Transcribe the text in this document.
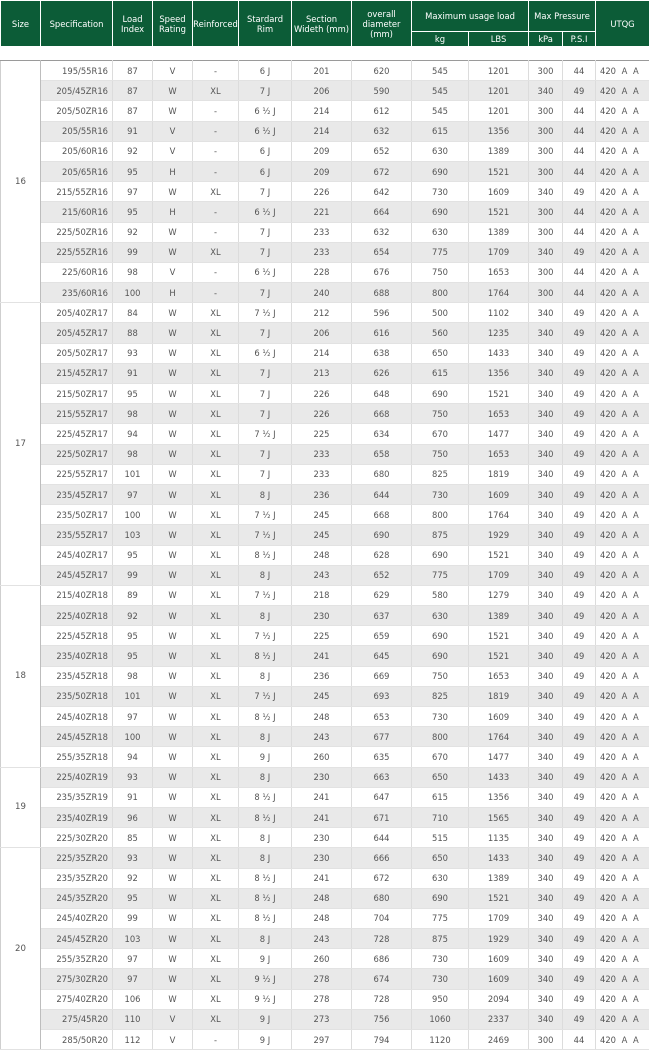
Size	Specification	Load Index	Speed Rating	Reinforced	Stardard Rim	Section Wideth (mm)	overall diameter (mm)	Maximum usage load		Max Pressure		UTQG
								kg	LBS	kPa	P.S.I	

16	195/55R16	87	V	-	6 J	201	620	545	1201	300	44	420 A A
	205/45ZR16	87	W	XL	7 J	206	590	545	1201	340	49	420 A A
	205/50ZR16	87	W	-	6 ½ J	214	612	545	1201	300	44	420 A A
	205/55R16	91	V	-	6 ½ J	214	632	615	1356	300	44	420 A A
	205/60R16	92	V	-	6 J	209	652	630	1389	300	44	420 A A
	205/65R16	95	H	-	6 J	209	672	690	1521	300	44	420 A A
	215/55ZR16	97	W	XL	7 J	226	642	730	1609	340	49	420 A A
	215/60R16	95	H	-	6 ½ J	221	664	690	1521	300	44	420 A A
	225/50ZR16	92	W	-	7 J	233	632	630	1389	300	44	420 A A
	225/55ZR16	99	W	XL	7 J	233	654	775	1709	340	49	420 A A
	225/60R16	98	V	-	6 ½ J	228	676	750	1653	300	44	420 A A
	235/60R16	100	H	-	7 J	240	688	800	1764	300	44	420 A A
17	205/40ZR17	84	W	XL	7 ½ J	212	596	500	1102	340	49	420 A A
	205/45ZR17	88	W	XL	7 J	206	616	560	1235	340	49	420 A A
	205/50ZR17	93	W	XL	6 ½ J	214	638	650	1433	340	49	420 A A
	215/45ZR17	91	W	XL	7 J	213	626	615	1356	340	49	420 A A
	215/50ZR17	95	W	XL	7 J	226	648	690	1521	340	49	420 A A
	215/55ZR17	98	W	XL	7 J	226	668	750	1653	340	49	420 A A
	225/45ZR17	94	W	XL	7 ½ J	225	634	670	1477	340	49	420 A A
	225/50ZR17	98	W	XL	7 J	233	658	750	1653	340	49	420 A A
	225/55ZR17	101	W	XL	7 J	233	680	825	1819	340	49	420 A A
	235/45ZR17	97	W	XL	8 J	236	644	730	1609	340	49	420 A A
	235/50ZR17	100	W	XL	7 ½ J	245	668	800	1764	340	49	420 A A
	235/55ZR17	103	W	XL	7 ½ J	245	690	875	1929	340	49	420 A A
	245/40ZR17	95	W	XL	8 ½ J	248	628	690	1521	340	49	420 A A
	245/45ZR17	99	W	XL	8 J	243	652	775	1709	340	49	420 A A
18	215/40ZR18	89	W	XL	7 ½ J	218	629	580	1279	340	49	420 A A
	225/40ZR18	92	W	XL	8 J	230	637	630	1389	340	49	420 A A
	225/45ZR18	95	W	XL	7 ½ J	225	659	690	1521	340	49	420 A A
	235/40ZR18	95	W	XL	8 ½ J	241	645	690	1521	340	49	420 A A
	235/45ZR18	98	W	XL	8 J	236	669	750	1653	340	49	420 A A
	235/50ZR18	101	W	XL	7 ½ J	245	693	825	1819	340	49	420 A A
	245/40ZR18	97	W	XL	8 ½ J	248	653	730	1609	340	49	420 A A
	245/45ZR18	100	W	XL	8 J	243	677	800	1764	340	49	420 A A
	255/35ZR18	94	W	XL	9 J	260	635	670	1477	340	49	420 A A
19	225/40ZR19	93	W	XL	8 J	230	663	650	1433	340	49	420 A A
	235/35ZR19	91	W	XL	8 ½ J	241	647	615	1356	340	49	420 A A
	235/40ZR19	96	W	XL	8 ½ J	241	671	710	1565	340	49	420 A A
	225/30ZR20	85	W	XL	8 J	230	644	515	1135	340	49	420 A A
20	225/35ZR20	93	W	XL	8 J	230	666	650	1433	340	49	420 A A
	235/35ZR20	92	W	XL	8 ½ J	241	672	630	1389	340	49	420 A A
	245/35ZR20	95	W	XL	8 ½ J	248	680	690	1521	340	49	420 A A
	245/40ZR20	99	W	XL	8 ½ J	248	704	775	1709	340	49	420 A A
	245/45ZR20	103	W	XL	8 J	243	728	875	1929	340	49	420 A A
	255/35ZR20	97	W	XL	9 J	260	686	730	1609	340	49	420 A A
	275/30ZR20	97	W	XL	9 ½ J	278	674	730	1609	340	49	420 A A
	275/40ZR20	106	W	XL	9 ½ J	278	728	950	2094	340	49	420 A A
	275/45R20	110	V	XL	9 J	273	756	1060	2337	340	49	420 A A
	285/50R20	112	V	-	9 J	297	794	1120	2469	300	44	420 A A
